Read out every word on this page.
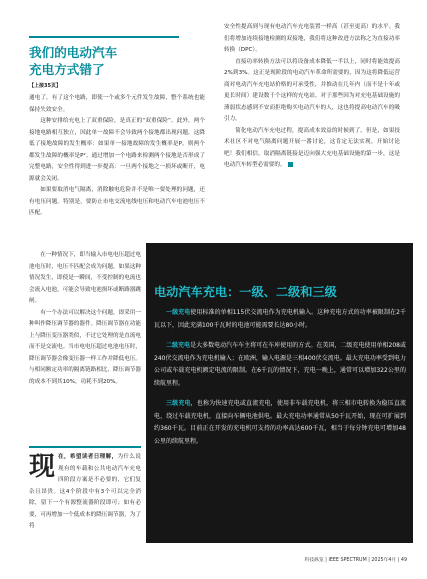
我们的电动汽车
充电方式错了
【上接35页】

通电了，有了这个电路，即使一个或多个元件发生故障，整个系统也能保持失效安全。

这种安排给充电上了双重保险，是真正的“双重保险”。此外，两个接地电路相互独立，因此单一故障不会导致两个接地都出现问题，这降低了接地故障的发生概率：如果单一接地故障的发生概率是P，则两个都发生故障的概率是P²。通过增加一个电路来检测两个接地是否形成了完整电路，安全性得到进一步提高：一旦两个接地之一损坏或断开，电源就会关闭。

如果要取消电气隔离，消除触电危险并不是唯一要处理的问题，还有电压问题。特别是，要防止市电交流电线电压和电动汽车电池电压不匹配。

在一种情况下，即当输入市电电压超过电池电压时，电压不匹配会成为问题，如果这种情况发生，即使是一瞬间，不受控制的电流也会流入电池，可能会导致电池损坏或断路器跳闸。

有一个办法可以解决这个问题，即采用一种叫作降压调节器的器件。降压调节器在功能上与降压变压器类似，不过它处理的是直流电而不是交流电。当市电电压超过电池电压时，降压调节器会像变压器一样工作并降低电压。与相同额定功率的隔离链路相比，降压调节器的成本不到其10%，功耗不到20%。

现 在，希望读者日理解，为什么说现有的车载和公共电动汽车充电四阶段方案是不必要的，它们复杂且昂贵。这4个阶段中有3个可以完全消除，留下一个有源整流器阶段即可；如有必要，可再增加一个低成本的降压调节器，为了将

安全性提高到与现有电动汽车充电装置一样高（甚至更高）的水平。我们将增加连续接地检测的双接地，我们将这种改进方法称之为直接功率转换（DPC）。

直接功率转换方法可以将设备成本降低一半以上，同时将能效提高2%到3%。这正是现阶段的电动汽车革命所需要的，因为这将降低运营商对电动汽车充电站价格的可承受性，并推动在几年内（而不是十年或更长时间）建设数千个这样的充电站。对于那些因为对充电基础设施的薄弱状态感到不安而拒绝购买电动汽车的人，这也将提高电动汽车的吸引力。

简化电动汽车充电过程，提高成本效益的时候到了。但是，如果技术社区不对电气隔离问题开展一番讨论，这肯定无法实现。开始讨论吧！我们相信，取消隔离链接是迈向强大充电基础设施的第一步，这是电动汽车转型必需要的。

电动汽车充电：一级、二级和三级

一级充电使用标准的单相115伏交流电作为充电机输入。这种充电方式的功率被限制在2千瓦以下，因此充满100千瓦时的电池可能需要长达80小时。

二级充电是大多数电动汽车车主将可在车库使用的方式。在美国，二级充电使用单相208或240伏交流电作为充电机输入；在欧洲，输入电源是三相400伏交流电。最大充电功率受到电力公司或车载充电机额定电流的限制。在6千瓦的情况下，充电一晚上，通常可以增加322公里的续航里程。

三级充电，也称为快速充电或直流充电，使用非车载充电机，将三相市电转换为稳压直流电，绕过车载充电机，直接向车辆电池供电。最大充电功率通常从50千瓦开始，现在可扩展到约360千瓦。目前正在开发的充电机可支持的功率高达600千瓦，相当于每分钟充电可增加48公里的续航里程。

科技纵览 | IEEE SPECTRUM | 2025年4月 | 49
